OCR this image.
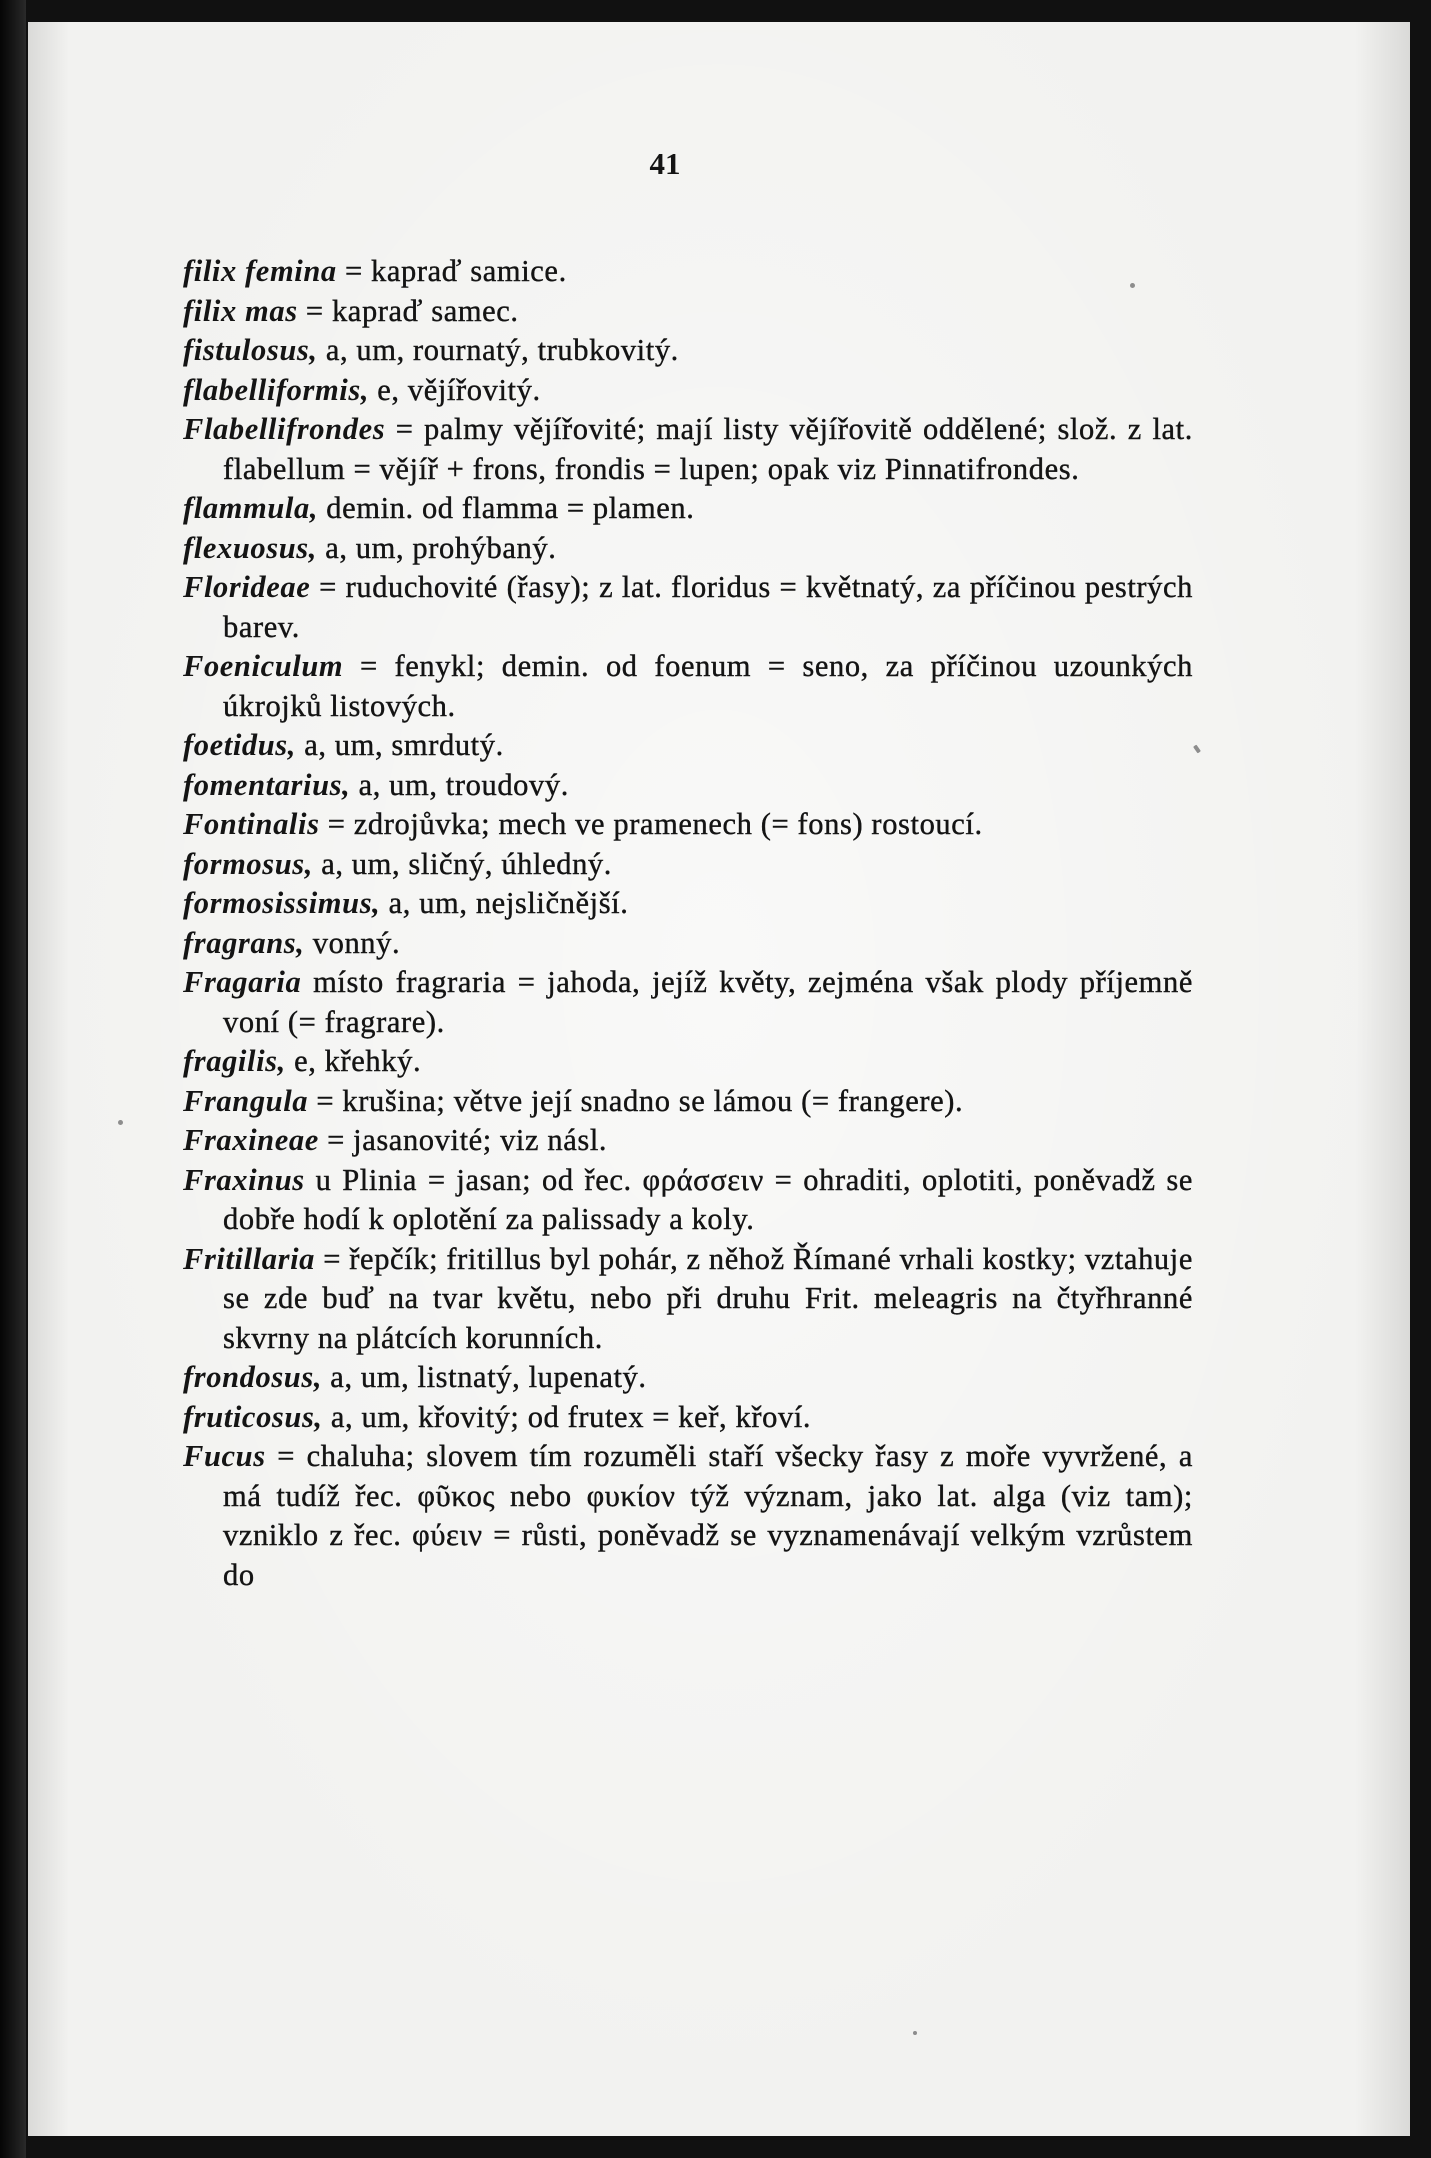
41
filix femina = kapraď samice.
filix mas = kapraď samec.
fistulosus, a, um, rournatý, trubkovitý.
flabelliformis, e, vějířovitý.
Flabellifrondes = palmy vějířovité; mají listy vějířovitě oddělené; slož. z lat. flabellum = vějíř + frons, frondis = lupen; opak viz Pinnatifrondes.
flammula, demin. od flamma = plamen.
flexuosus, a, um, prohýbaný.
Florideae = ruduchovité (řasy); z lat. floridus = květnatý, za příčinou pestrých barev.
Foeniculum = fenykl; demin. od foenum = seno, za příčinou uzounkých úkrojků listových.
foetidus, a, um, smrdutý.
fomentarius, a, um, troudový.
Fontinalis = zdrojůvka; mech ve pramenech (= fons) rostoucí.
formosus, a, um, sličný, úhledný.
formosissimus, a, um, nejsličnější.
fragrans, vonný.
Fragaria místo fragraria = jahoda, jejíž květy, zejména však plody příjemně voní (= fragrare).
fragilis, e, křehký.
Frangula = krušina; větve její snadno se lámou (= frangere).
Fraxineae = jasanovité; viz násl.
Fraxinus u Plinia = jasan; od řec. φράσσειν = ohraditi, oplotiti, poněvadž se dobře hodí k oplotění za palissady a koly.
Fritillaria = řepčík; fritillus byl pohár, z něhož Římané vrhali kostky; vztahuje se zde buď na tvar květu, nebo při druhu Frit. meleagris na čtyřhranné skvrny na plátcích korunních.
frondosus, a, um, listnatý, lupenatý.
fruticosus, a, um, křovitý; od frutex = keř, křoví.
Fucus = chaluha; slovem tím rozuměli staří všecky řasy z moře vyvržené, a má tudíž řec. φῦκος nebo φυκίον týž význam, jako lat. alga (viz tam); vzniklo z řec. φύειν = růsti, poněvadž se vyznamenávají velkým vzrůstem do
